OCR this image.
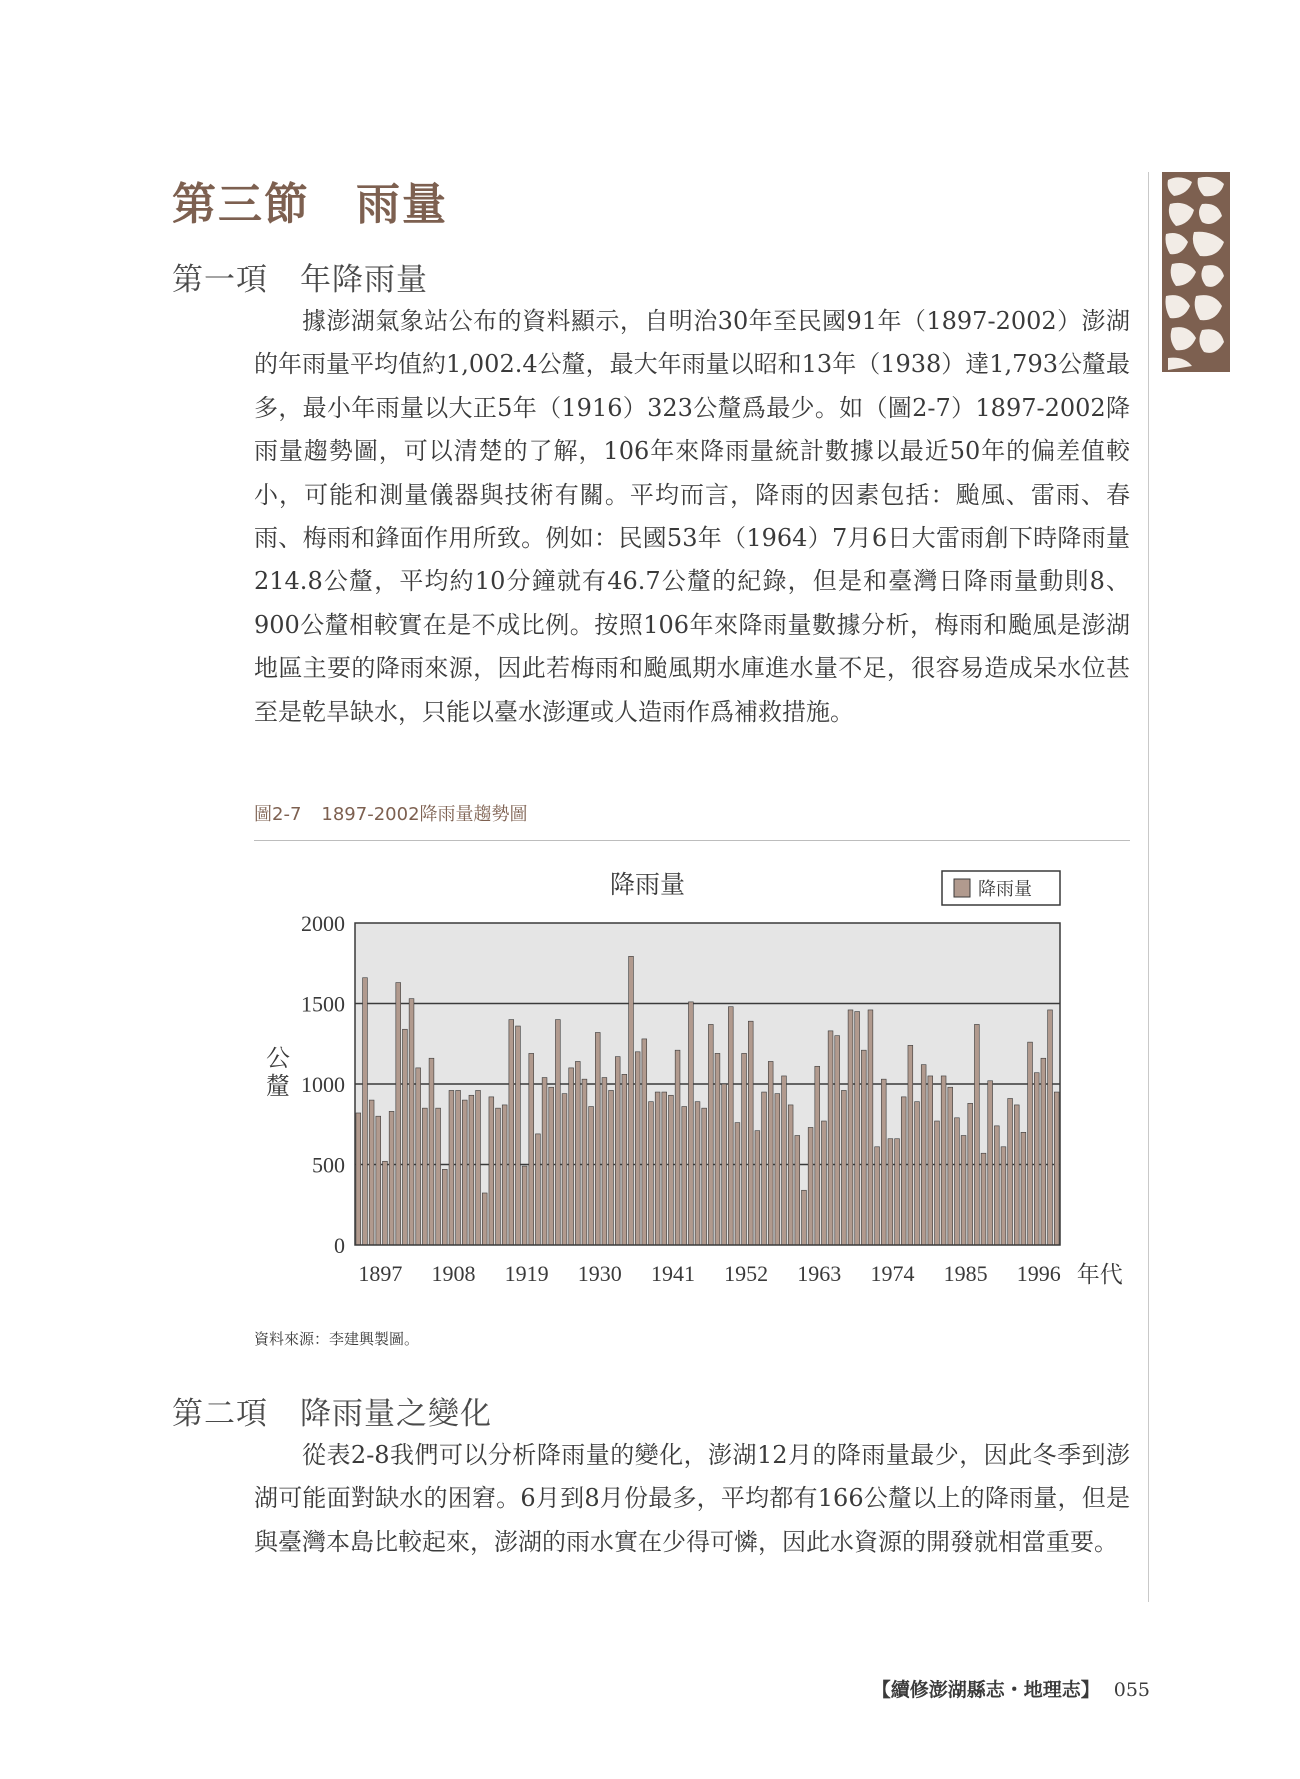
第三節　雨量
第一項　年降雨量

據澎湖氣象站公布的資料顯示，自明治30年至民國91年（1897-2002）澎湖的年雨量平均值約1,002.4公釐，最大年雨量以昭和13年（1938）達1,793公釐最多，最小年雨量以大正5年（1916）323公釐爲最少。如（圖2-7）1897-2002降雨量趨勢圖，可以清楚的了解，106年來降雨量統計數據以最近50年的偏差值較小，可能和測量儀器與技術有關。平均而言，降雨的因素包括：颱風、雷雨、春雨、梅雨和鋒面作用所致。例如：民國53年（1964）7月6日大雷雨創下時降雨量214.8公釐，平均約10分鐘就有46.7公釐的紀錄，但是和臺灣日降雨量動則8、900公釐相較實在是不成比例。按照106年來降雨量數據分析，梅雨和颱風是澎湖地區主要的降雨來源，因此若梅雨和颱風期水庫進水量不足，很容易造成呆水位甚至是乾旱缺水，只能以臺水澎運或人造雨作爲補救措施。

圖2-7 1897-2002降雨量趨勢圖
0
500
1000
1500
2000
1897 1908 1919 1930 1941 1952 1963 1974 1985 1996
降雨量
公
釐
年代
降雨量
資料來源：李建興製圖。
第二項　降雨量之變化

從表2-8我們可以分析降雨量的變化，澎湖12月的降雨量最少，因此冬季到澎湖可能面對缺水的困窘。6月到8月份最多，平均都有166公釐以上的降雨量，但是與臺灣本島比較起來，澎湖的雨水實在少得可憐，因此水資源的開發就相當重要。

【續修澎湖縣志・地理志】 055
